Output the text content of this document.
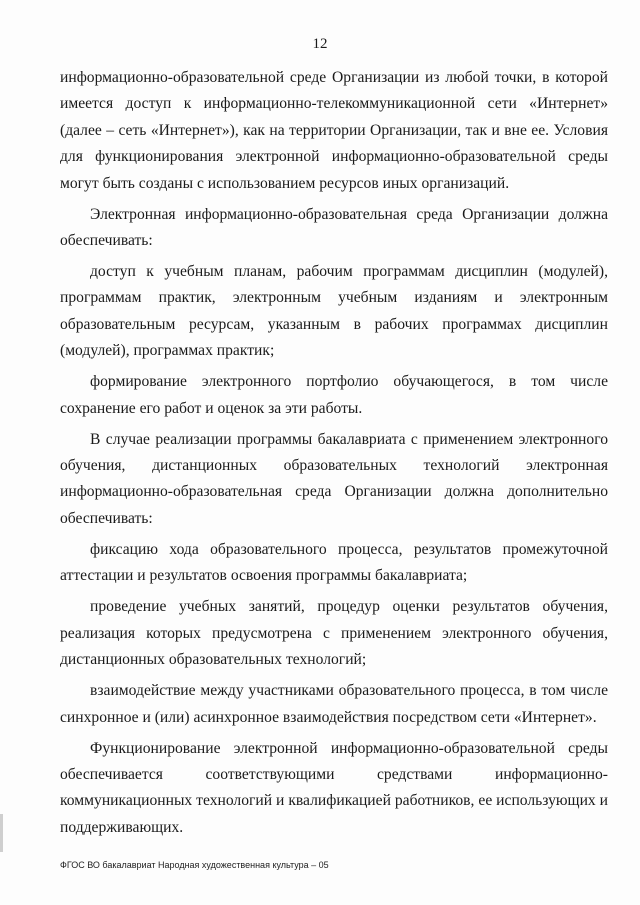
12

информационно-образовательной среде Организации из любой точки, в которой имеется доступ к информационно-телекоммуникационной сети «Интернет» (далее – сеть «Интернет»), как на территории Организации, так и вне ее. Условия для функционирования электронной информационно-образовательной среды могут быть созданы с использованием ресурсов иных организаций.

Электронная информационно-образовательная среда Организации должна обеспечивать:

доступ к учебным планам, рабочим программам дисциплин (модулей), программам практик, электронным учебным изданиям и электронным образовательным ресурсам, указанным в рабочих программах дисциплин (модулей), программах практик;

формирование электронного портфолио обучающегося, в том числе сохранение его работ и оценок за эти работы.

В случае реализации программы бакалавриата с применением электронного обучения, дистанционных образовательных технологий электронная информационно-образовательная среда Организации должна дополнительно обеспечивать:

фиксацию хода образовательного процесса, результатов промежуточной аттестации и результатов освоения программы бакалавриата;

проведение учебных занятий, процедур оценки результатов обучения, реализация которых предусмотрена с применением электронного обучения, дистанционных образовательных технологий;

взаимодействие между участниками образовательного процесса, в том числе синхронное и (или) асинхронное взаимодействия посредством сети «Интернет».

Функционирование электронной информационно-образовательной среды обеспечивается соответствующими средствами информационно-коммуникационных технологий и квалификацией работников, ее использующих и поддерживающих.

ФГОС ВО бакалавриат Народная художественная культура – 05
